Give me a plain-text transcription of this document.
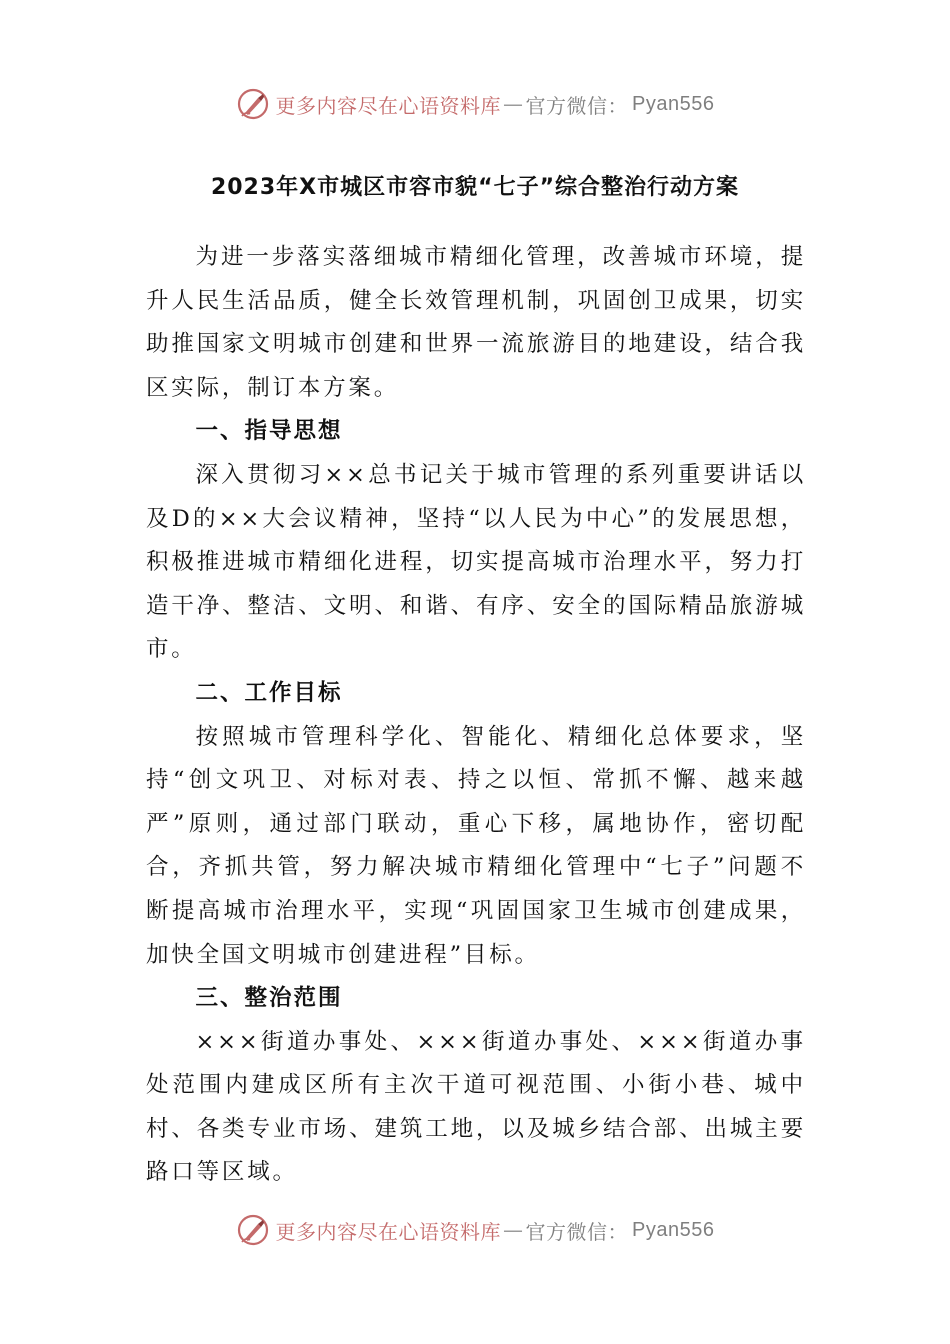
更多内容尽在心语资料库 — 官方微信： Pyan556
2023年X市城区市容市貌“七子”综合整治行动方案

为进一步落实落细城市精细化管理，改善城市环境，提升人民生活品质，健全长效管理机制，巩固创卫成果，切实助推国家文明城市创建和世界一流旅游目的地建设，结合我区实际，制订本方案。

一、指导思想

深入贯彻习××总书记关于城市管理的系列重要讲话以及D的××大会议精神，坚持“以人民为中心”的发展思想，积极推进城市精细化进程，切实提高城市治理水平，努力打造干净、整洁、文明、和谐、有序、安全的国际精品旅游城市。

二、工作目标

按照城市管理科学化、智能化、精细化总体要求，坚持“创文巩卫、对标对表、持之以恒、常抓不懈、越来越严”原则，通过部门联动，重心下移，属地协作，密切配合，齐抓共管，努力解决城市精细化管理中“七子”问题不断提高城市治理水平，实现“巩固国家卫生城市创建成果，加快全国文明城市创建进程”目标。

三、整治范围

×××街道办事处、×××街道办事处、×××街道办事处范围内建成区所有主次干道可视范围、小街小巷、城中村、各类专业市场、建筑工地，以及城乡结合部、出城主要路口等区域。

更多内容尽在心语资料库 — 官方微信： Pyan556
